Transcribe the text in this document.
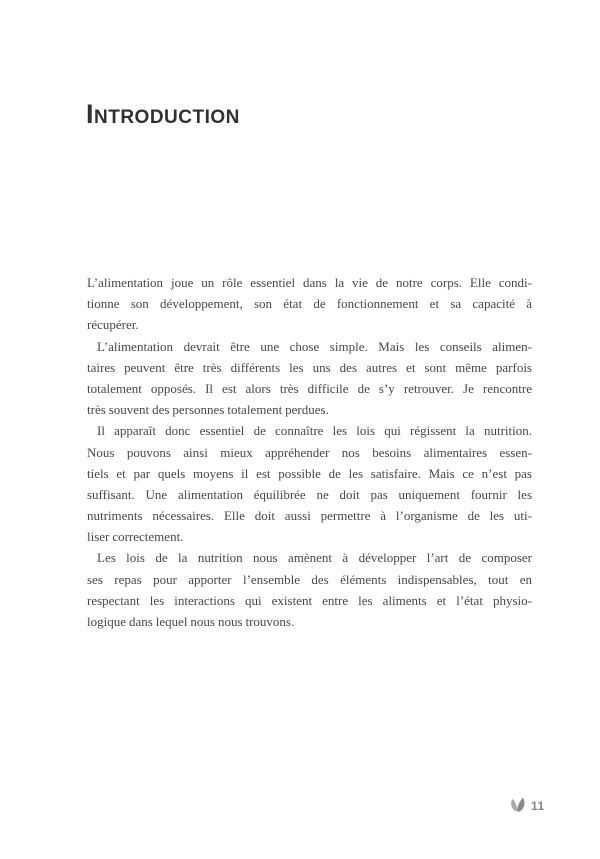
Introduction
L’alimentation joue un rôle essentiel dans la vie de notre corps. Elle condi-
tionne son développement, son état de fonctionnement et sa capacité à
récupérer.
L’alimentation devrait être une chose simple. Mais les conseils alimen-
taires peuvent être très différents les uns des autres et sont même parfois
totalement opposés. Il est alors très difficile de s’y retrouver. Je rencontre
très souvent des personnes totalement perdues.
Il apparaît donc essentiel de connaître les lois qui régissent la nutrition.
Nous pouvons ainsi mieux appréhender nos besoins alimentaires essen-
tiels et par quels moyens il est possible de les satisfaire. Mais ce n’est pas
suffisant. Une alimentation équilibrée ne doit pas uniquement fournir les
nutriments nécessaires. Elle doit aussi permettre à l’organisme de les uti-
liser correctement.
Les lois de la nutrition nous amènent à développer l’art de composer
ses repas pour apporter l’ensemble des éléments indispensables, tout en
respectant les interactions qui existent entre les aliments et l’état physio-
logique dans lequel nous nous trouvons.
11
